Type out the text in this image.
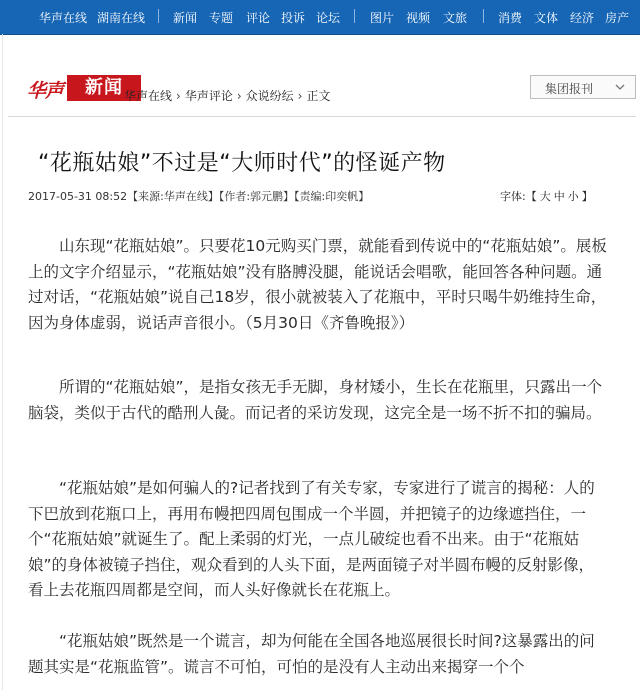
华声在线 湖南在线 新闻 专题 评论 投诉 论坛 图片 视频 文旅	消费 文体 经济 房产
华声	新闻 华声在线 › 华声评论 › 众说纷纭 › 正文	集团报刊
“花瓶姑娘”不过是“大师时代”的怪诞产物
2017-05-31 08:52【来源:华声在线】【作者:郭元鹏】【责编:印奕帆】	字体:【 大 中 小 】
山东现“花瓶姑娘”。只要花10元购买门票，就能看到传说中的“花瓶姑娘”。展板上的文字介绍显示，“花瓶姑娘”没有胳膊没腿，能说话会唱歌，能回答各种问题。通过对话，“花瓶姑娘”说自己18岁，很小就被装入了花瓶中，平时只喝牛奶维持生命，因为身体虚弱，说话声音很小。（5月30日《齐鲁晚报》）
所谓的“花瓶姑娘”，是指女孩无手无脚，身材矮小，生长在花瓶里，只露出一个脑袋，类似于古代的酷刑人彘。而记者的采访发现，这完全是一场不折不扣的骗局。
“花瓶姑娘”是如何骗人的?记者找到了有关专家，专家进行了谎言的揭秘：人的下巴放到花瓶口上，再用布幔把四周包围成一个半圆，并把镜子的边缘遮挡住，一个“花瓶姑娘”就诞生了。配上柔弱的灯光，一点儿破绽也看不出来。由于“花瓶姑娘”的身体被镜子挡住，观众看到的人头下面，是两面镜子对半圆布幔的反射影像，看上去花瓶四周都是空间，而人头好像就长在花瓶上。
“花瓶姑娘”既然是一个谎言，却为何能在全国各地巡展很长时间?这暴露出的问题其实是“花瓶监管”。谎言不可怕，可怕的是没有人主动出来揭穿一个个
